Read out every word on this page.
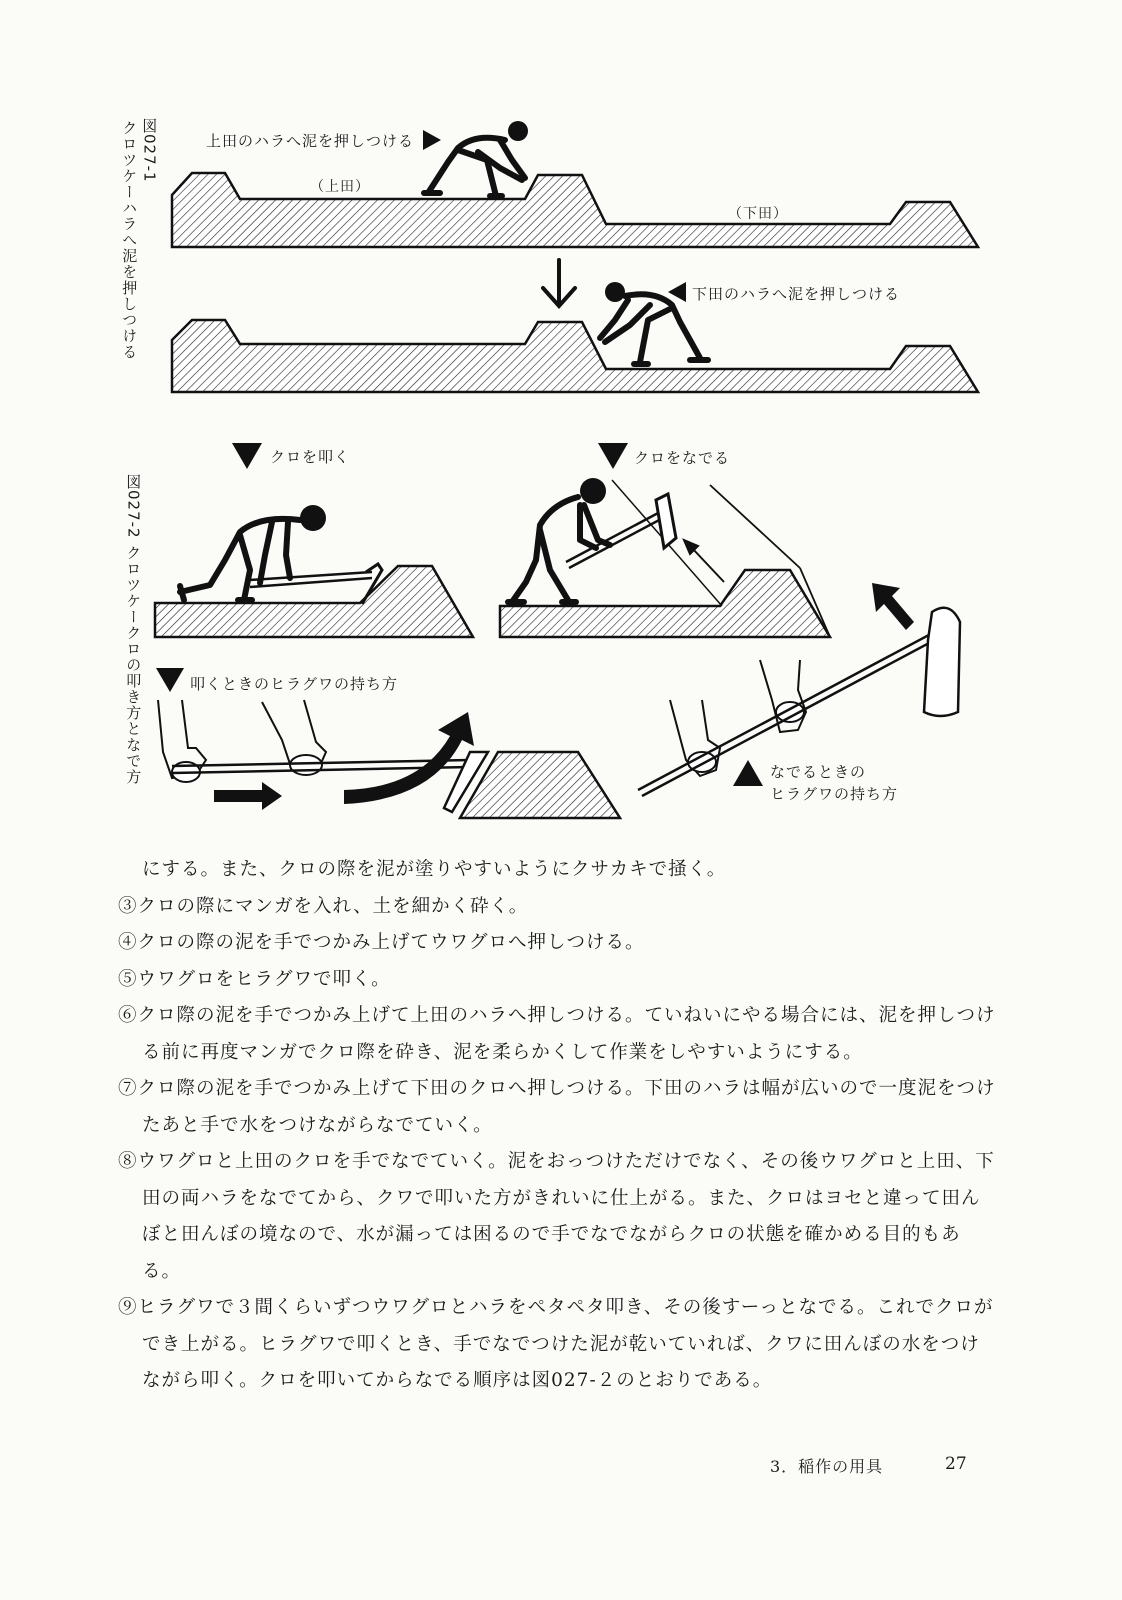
図027-1
クロツケーハラへ泥を押しつける	上田のハラへ泥を押しつける
（上田）
（下田）
下田のハラへ泥を押しつける
図027-2
クロツケークロの叩き方となで方
クロを叩く	クロをなでる
叩くときのヒラグワの持ち方
なでるときの
ヒラグワの持ち方
にする。また、クロの際を泥が塗りやすいようにクサカキで掻く。
③クロの際にマンガを入れ、土を細かく砕く。
④クロの際の泥を手でつかみ上げてウワグロへ押しつける。
⑤ウワグロをヒラグワで叩く。
⑥クロ際の泥を手でつかみ上げて上田のハラへ押しつける。ていねいにやる場合には、泥を押しつける前に再度マンガでクロ際を砕き、泥を柔らかくして作業をしやすいようにする。
⑦クロ際の泥を手でつかみ上げて下田のクロへ押しつける。下田のハラは幅が広いので一度泥をつけたあと手で水をつけながらなでていく。
⑧ウワグロと上田のクロを手でなでていく。泥をおっつけただけでなく、その後ウワグロと上田、下田の両ハラをなでてから、クワで叩いた方がきれいに仕上がる。また、クロはヨセと違って田んぼと田んぼの境なので、水が漏っては困るので手でなでながらクロの状態を確かめる目的もある。
⑨ヒラグワで３間くらいずつウワグロとハラをペタペタ叩き、その後すーっとなでる。これでクロができ上がる。ヒラグワで叩くとき、手でなでつけた泥が乾いていれば、クワに田んぼの水をつけながら叩く。クロを叩いてからなでる順序は図027-２のとおりである。
3．稲作の用具	27
